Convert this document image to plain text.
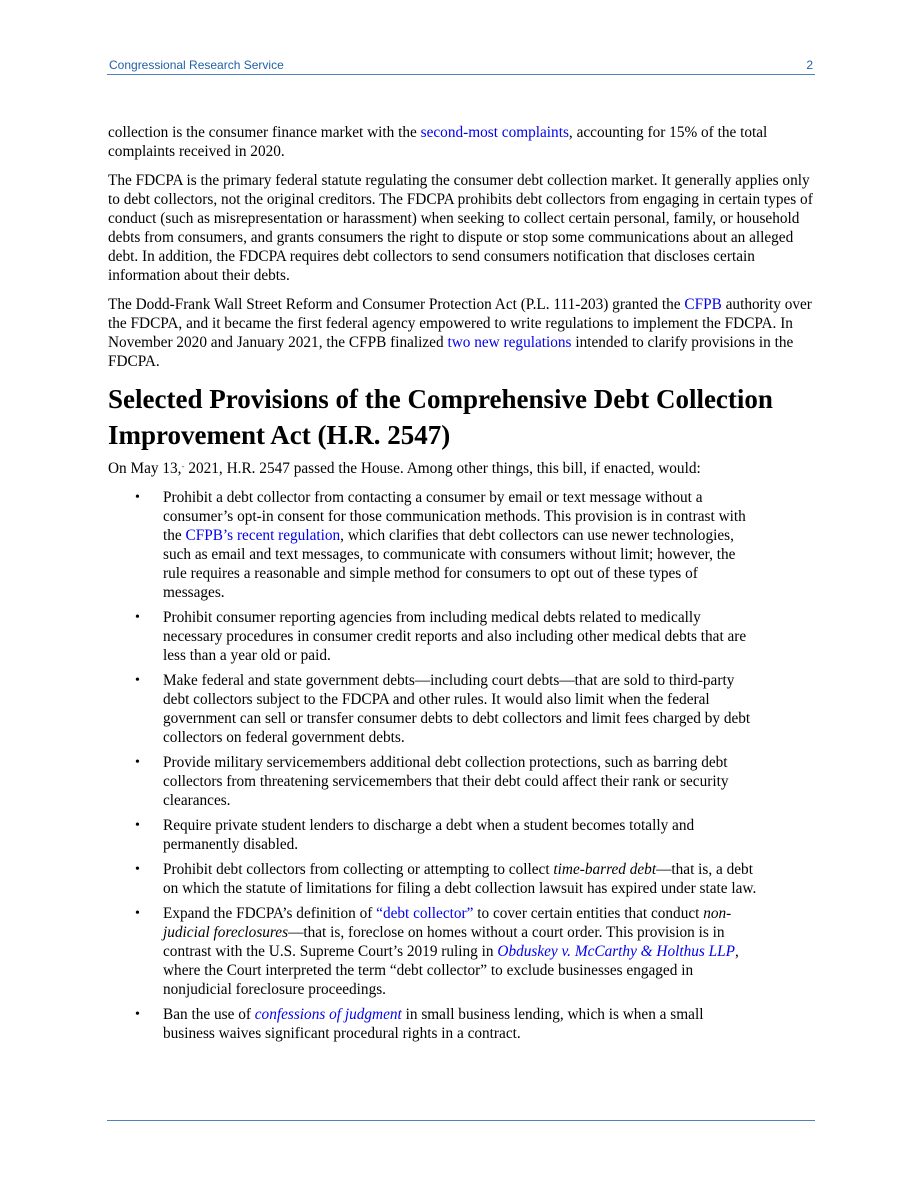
Congressional Research Service	2

collection is the consumer finance market with the second-most complaints, accounting for 15% of the total complaints received in 2020.

The FDCPA is the primary federal statute regulating the consumer debt collection market. It generally applies only to debt collectors, not the original creditors. The FDCPA prohibits debt collectors from engaging in certain types of conduct (such as misrepresentation or harassment) when seeking to collect certain personal, family, or household debts from consumers, and grants consumers the right to dispute or stop some communications about an alleged debt. In addition, the FDCPA requires debt collectors to send consumers notification that discloses certain information about their debts.

The Dodd-Frank Wall Street Reform and Consumer Protection Act (P.L. 111-203) granted the CFPB authority over the FDCPA, and it became the first federal agency empowered to write regulations to implement the FDCPA. In November 2020 and January 2021, the CFPB finalized two new regulations intended to clarify provisions in the FDCPA.

Selected Provisions of the Comprehensive Debt Collection Improvement Act (H.R. 2547)

On May 13,- 2021, H.R. 2547 passed the House. Among other things, this bill, if enacted, would:

• Prohibit a debt collector from contacting a consumer by email or text message without a consumer’s opt-in consent for those communication methods. This provision is in contrast with the CFPB’s recent regulation, which clarifies that debt collectors can use newer technologies, such as email and text messages, to communicate with consumers without limit; however, the rule requires a reasonable and simple method for consumers to opt out of these types of messages.
• Prohibit consumer reporting agencies from including medical debts related to medically necessary procedures in consumer credit reports and also including other medical debts that are less than a year old or paid.
• Make federal and state government debts—including court debts—that are sold to third-party debt collectors subject to the FDCPA and other rules. It would also limit when the federal government can sell or transfer consumer debts to debt collectors and limit fees charged by debt collectors on federal government debts.
• Provide military servicemembers additional debt collection protections, such as barring debt collectors from threatening servicemembers that their debt could affect their rank or security clearances.
• Require private student lenders to discharge a debt when a student becomes totally and permanently disabled.
• Prohibit debt collectors from collecting or attempting to collect time-barred debt—that is, a debt on which the statute of limitations for filing a debt collection lawsuit has expired under state law.
• Expand the FDCPA’s definition of “debt collector” to cover certain entities that conduct non-judicial foreclosures—that is, foreclose on homes without a court order. This provision is in contrast with the U.S. Supreme Court’s 2019 ruling in Obduskey v. McCarthy & Holthus LLP, where the Court interpreted the term “debt collector” to exclude businesses engaged in nonjudicial foreclosure proceedings.
• Ban the use of confessions of judgment in small business lending, which is when a small business waives significant procedural rights in a contract.
